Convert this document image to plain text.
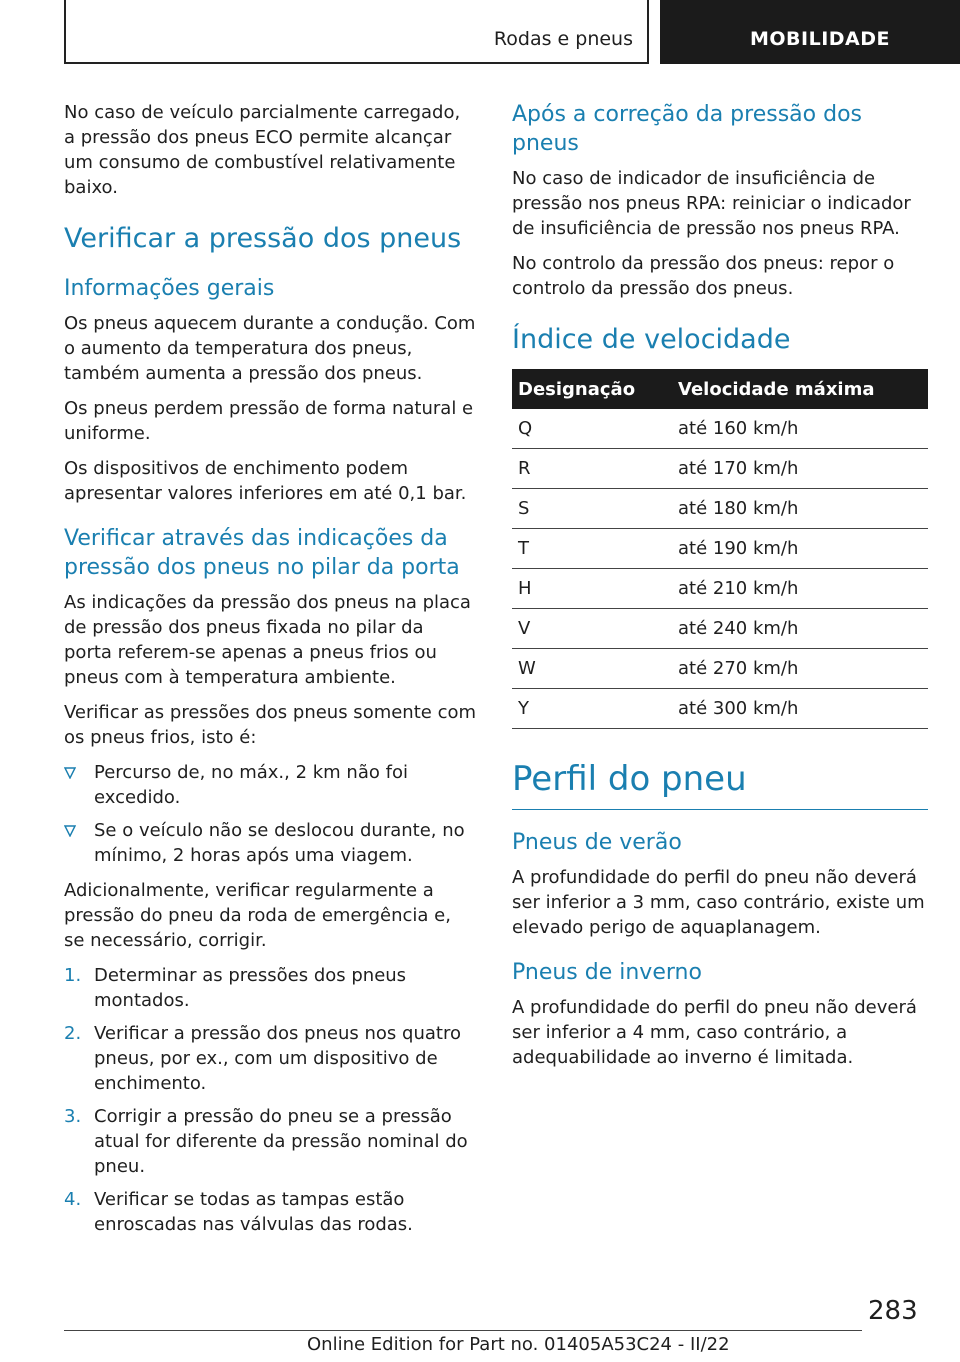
Rodas e pneus	MOBILIDADE

No caso de veículo parcialmente carregado, a pressão dos pneus ECO permite alcançar um consumo de combustível relativamente baixo.

Verificar a pressão dos pneus
Informações gerais

Os pneus aquecem durante a condução. Com o aumento da temperatura dos pneus, também aumenta a pressão dos pneus.

Os pneus perdem pressão de forma natural e uniforme.

Os dispositivos de enchimento podem apresentar valores inferiores em até 0,1 bar.

Verificar através das indicações da pressão dos pneus no pilar da porta

As indicações da pressão dos pneus na placa de pressão dos pneus fixada no pilar da porta referem-se apenas a pneus frios ou pneus com à temperatura ambiente.

Verificar as pressões dos pneus somente com os pneus frios, isto é:

Percurso de, no máx., 2 km não foi excedido.
Se o veículo não se deslocou durante, no mínimo, 2 horas após uma viagem.

Adicionalmente, verificar regularmente a pressão do pneu da roda de emergência e, se necessário, corrigir.

1. Determinar as pressões dos pneus montados.
2. Verificar a pressão dos pneus nos quatro pneus, por ex., com um dispositivo de enchimento.
3. Corrigir a pressão do pneu se a pressão atual for diferente da pressão nominal do pneu.
4. Verificar se todas as tampas estão enroscadas nas válvulas das rodas.
Após a correção da pressão dos pneus

No caso de indicador de insuficiência de pressão nos pneus RPA: reiniciar o indicador de insuficiência de pressão nos pneus RPA.

No controlo da pressão dos pneus: repor o controlo da pressão dos pneus.

Índice de velocidade
Designação	Velocidade máxima
Q	até 160 km/h
R	até 170 km/h
S	até 180 km/h
T	até 190 km/h
H	até 210 km/h
V	até 240 km/h
W	até 270 km/h
Y	até 300 km/h
Perfil do pneu
Pneus de verão

A profundidade do perfil do pneu não deverá ser inferior a 3 mm, caso contrário, existe um elevado perigo de aquaplanagem.

Pneus de inverno

A profundidade do perfil do pneu não deverá ser inferior a 4 mm, caso contrário, a adequabilidade ao inverno é limitada.

283
Online Edition for Part no. 01405A53C24 - II/22
